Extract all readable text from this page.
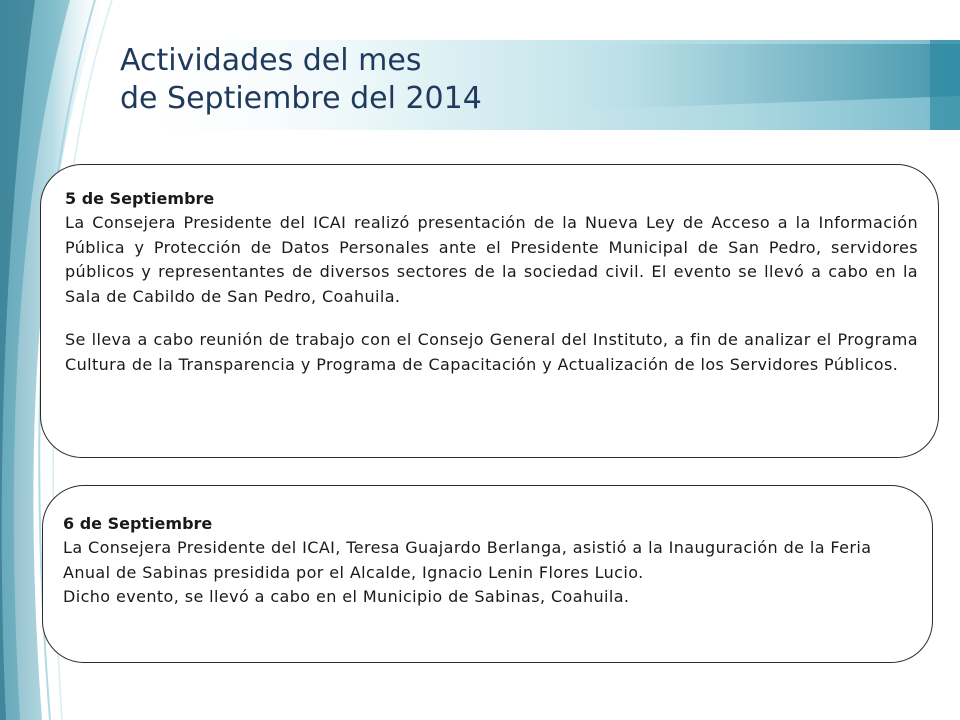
Actividades del mes
de Septiembre del 2014
5 de Septiembre
La Consejera Presidente del ICAI realizó presentación de la Nueva Ley de Acceso a la Información Pública y Protección de Datos Personales ante el Presidente Municipal de San Pedro, servidores públicos y representantes de diversos sectores de la sociedad civil. El evento se llevó a cabo en la Sala de Cabildo de San Pedro, Coahuila.
Se lleva a cabo reunión de trabajo con el Consejo General del Instituto, a fin de analizar el Programa Cultura de la Transparencia y Programa de Capacitación y Actualización de los Servidores Públicos.
6 de Septiembre
La Consejera Presidente del ICAI, Teresa Guajardo Berlanga, asistió a la Inauguración de la Feria Anual de Sabinas presidida por el Alcalde, Ignacio Lenin Flores Lucio.
Dicho evento, se llevó a cabo en el Municipio de Sabinas, Coahuila.
